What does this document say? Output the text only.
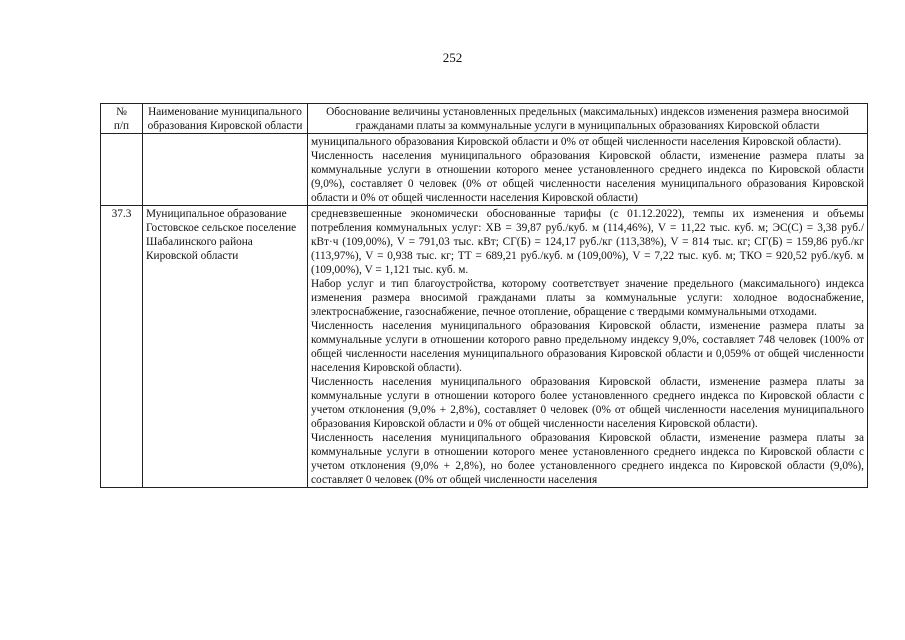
252
№
п/п	Наименование муниципального образования Кировской области	Обоснование величины установленных предельных (максимальных) индексов изменения размера вносимой гражданами платы за коммунальные услуги в муниципальных образованиях Кировской области

		муниципального образования Кировской области и 0% от общей численности населения Кировской области).

Численность населения муниципального образования Кировской области, изменение размера платы за коммунальные услуги в отношении которого менее установленного среднего индекса по Кировской области (9,0%), составляет 0 человек (0% от общей численности населения муниципального образования Кировской области и 0% от общей численности населения Кировской области)

37.3	Муниципальное образование Гостовское сельское поселение Шабалинского района Кировской области	средневзвешенные экономически обоснованные тарифы (с 01.12.2022), темпы их изменения и объемы потребления коммунальных услуг: ХВ = 39,87 руб./куб. м (114,46%), V = 11,22 тыс. куб. м; ЭС(С) = 3,38 руб./кВт·ч (109,00%), V = 791,03 тыс. кВт; СГ(Б) = 124,17 руб./кг (113,38%), V = 814 тыс. кг; СГ(Б) = 159,86 руб./кг (113,97%), V = 0,938 тыс. кг; ТТ = 689,21 руб./куб. м (109,00%), V = 7,22 тыс. куб. м; ТКО = 920,52 руб./куб. м (109,00%), V = 1,121 тыс. куб. м.

Набор услуг и тип благоустройства, которому соответствует значение предельного (максимального) индекса изменения размера вносимой гражданами платы за коммунальные услуги: холодное водоснабжение, электроснабжение, газоснабжение, печное отопление, обращение с твердыми коммунальными отходами.

Численность населения муниципального образования Кировской области, изменение размера платы за коммунальные услуги в отношении которого равно предельному индексу 9,0%, составляет 748 человек (100% от общей численности населения муниципального образования Кировской области и 0,059% от общей численности населения Кировской области).

Численность населения муниципального образования Кировской области, изменение размера платы за коммунальные услуги в отношении которого более установленного среднего индекса по Кировской области с учетом отклонения (9,0% + 2,8%), составляет 0 человек (0% от общей численности населения муниципального образования Кировской области и 0% от общей численности населения Кировской области).

Численность населения муниципального образования Кировской области, изменение размера платы за коммунальные услуги в отношении которого менее установленного среднего индекса по Кировской области с учетом отклонения (9,0% + 2,8%), но более установленного среднего индекса по Кировской области (9,0%), составляет 0 человек (0% от общей численности населения
